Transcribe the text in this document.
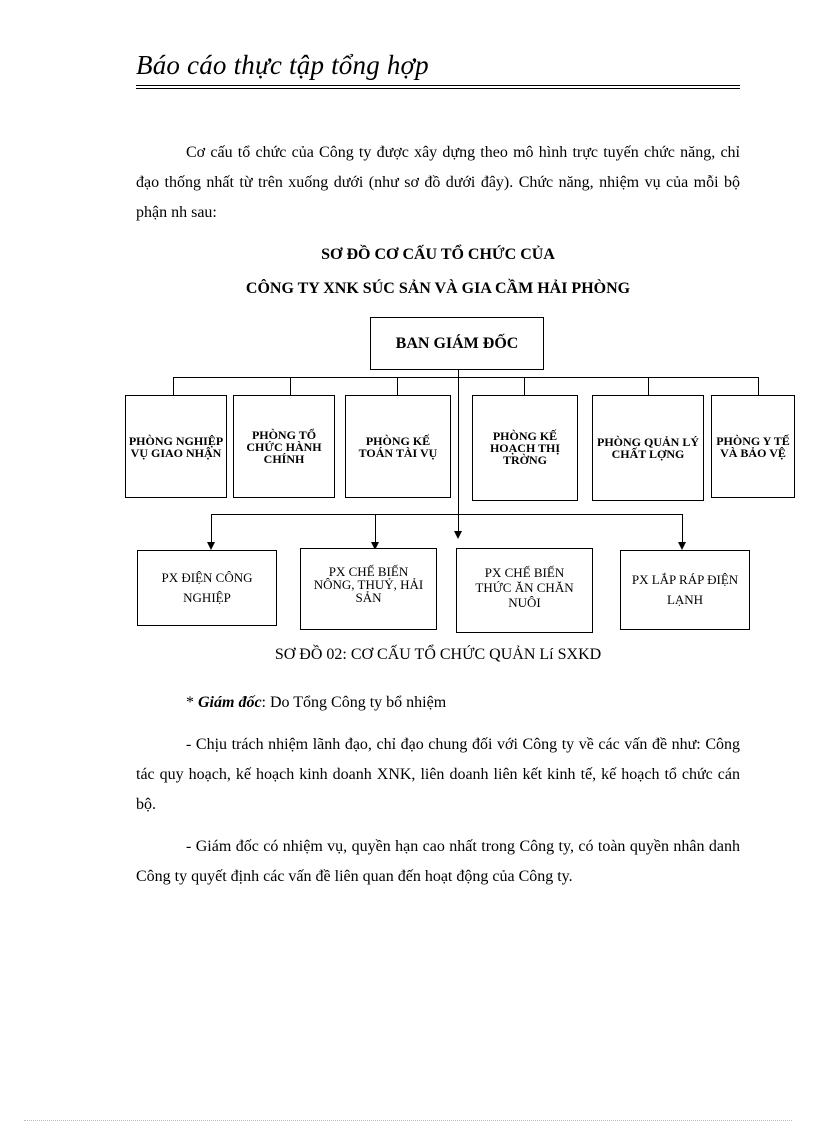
Báo cáo thực tập tổng hợp

Cơ cấu tổ chức của Công ty được xây dựng theo mô hình trực tuyến chức năng, chỉ đạo thống nhất từ trên xuống dưới (như sơ đồ dưới đây). Chức năng, nhiệm vụ của mỗi bộ phận nh sau:

SƠ ĐỒ CƠ CẤU TỔ CHỨC CỦA
CÔNG TY XNK SÚC SẢN VÀ GIA CẦM HẢI PHÒNG
BAN GIÁM ĐỐC
PHÒNG NGHIỆP VỤ GIAO NHẬN
PHÒNG TỔ CHỨC HÀNH CHÍNH
PHÒNG KẾ TOÁN TÀI VỤ
PHÒNG KẾ HOẠCH THỊ TRỜNG
PHÒNG QUẢN LÝ CHẤT LỢNG
PHÒNG Y TẾ VÀ BẢO VỆ
PX ĐIỆN CÔNG NGHIỆP
PX CHẾ BIẾN NÔNG, THUỶ, HẢI SẢN
PX CHẾ BIẾN THỨC ĂN CHĂN NUÔI
PX LẮP RÁP ĐIỆN LẠNH
SƠ ĐỒ 02: CƠ CẤU TỔ CHỨC QUẢN Lí SXKD

* Giám đốc: Do Tổng Công ty bổ nhiệm

- Chịu trách nhiệm lãnh đạo, chỉ đạo chung đối với Công ty về các vấn đề như: Công tác quy hoạch, kế hoạch kinh doanh XNK, liên doanh liên kết kinh tế, kế hoạch tổ chức cán bộ.

- Giám đốc có nhiệm vụ, quyền hạn cao nhất trong Công ty, có toàn quyền nhân danh Công ty quyết định các vấn đề liên quan đến hoạt động của Công ty.
